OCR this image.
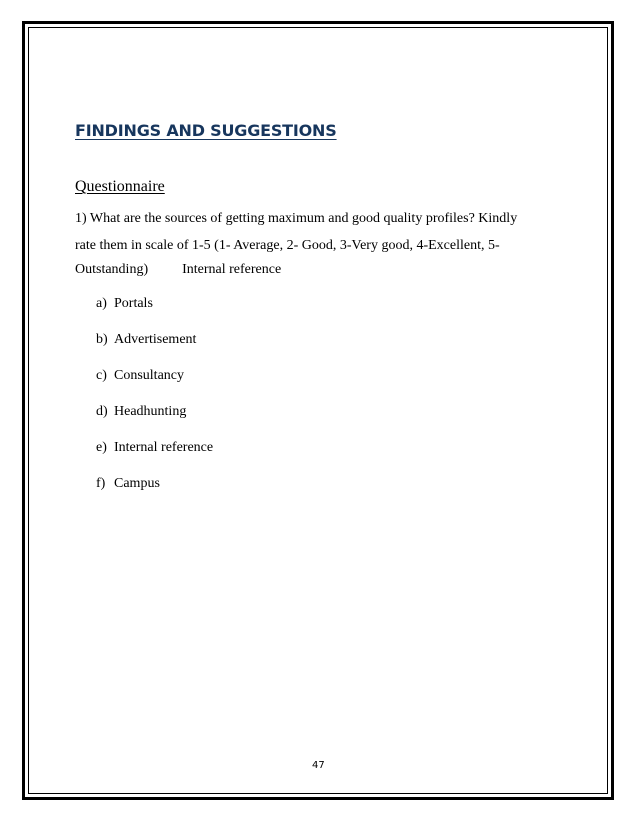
FINDINGS AND SUGGESTIONS
Questionnaire
1) What are the sources of getting maximum and good quality profiles? Kindly
rate them in scale of 1-5 (1- Average, 2- Good, 3-Very good, 4-Excellent, 5-
Outstanding) Internal reference
a) Portals
b) Advertisement
c) Consultancy
d) Headhunting
e) Internal reference
f) Campus
47
